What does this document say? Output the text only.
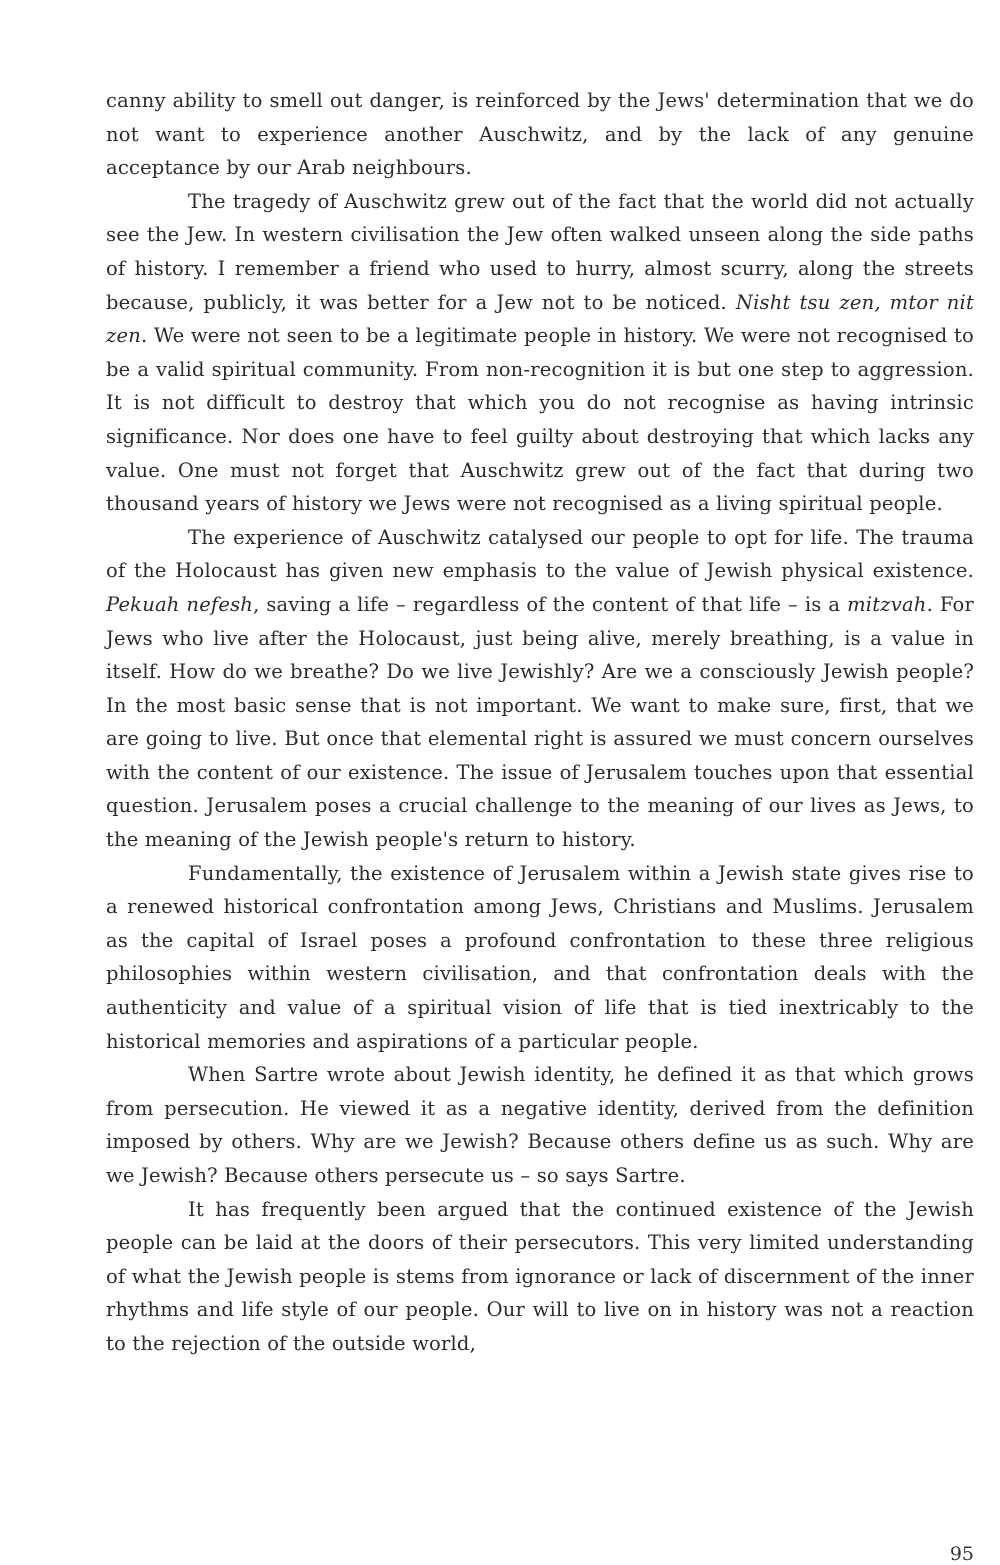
canny ability to smell out danger, is reinforced by the Jews' determination that we do not want to experience another Auschwitz, and by the lack of any genuine acceptance by our Arab neighbours.

The tragedy of Auschwitz grew out of the fact that the world did not actually see the Jew. In western civilisation the Jew often walked unseen along the side paths of history. I remember a friend who used to hurry, almost scurry, along the streets because, publicly, it was better for a Jew not to be noticed. Nisht tsu zen, mtor nit zen. We were not seen to be a legitimate people in history. We were not recognised to be a valid spiritual community. From non-recognition it is but one step to aggression. It is not difficult to destroy that which you do not recognise as having intrinsic significance. Nor does one have to feel guilty about destroying that which lacks any value. One must not forget that Auschwitz grew out of the fact that during two thousand years of history we Jews were not recognised as a living spiritual people.

The experience of Auschwitz catalysed our people to opt for life. The trauma of the Holocaust has given new emphasis to the value of Jewish physical existence. Pekuah nefesh, saving a life – regardless of the content of that life – is a mitzvah. For Jews who live after the Holocaust, just being alive, merely breathing, is a value in itself. How do we breathe? Do we live Jewishly? Are we a consciously Jewish people? In the most basic sense that is not important. We want to make sure, first, that we are going to live. But once that elemental right is assured we must concern ourselves with the content of our existence. The issue of Jerusalem touches upon that essential question. Jerusalem poses a crucial challenge to the meaning of our lives as Jews, to the meaning of the Jewish people's return to history.

Fundamentally, the existence of Jerusalem within a Jewish state gives rise to a renewed historical confrontation among Jews, Christians and Muslims. Jerusalem as the capital of Israel poses a profound confrontation to these three religious philosophies within western civilisation, and that confrontation deals with the authenticity and value of a spiritual vision of life that is tied inextricably to the historical memories and aspirations of a particular people.

When Sartre wrote about Jewish identity, he defined it as that which grows from persecution. He viewed it as a negative identity, derived from the definition imposed by others. Why are we Jewish? Because others define us as such. Why are we Jewish? Because others persecute us – so says Sartre.

It has frequently been argued that the continued existence of the Jewish people can be laid at the doors of their persecutors. This very limited understanding of what the Jewish people is stems from ignorance or lack of discernment of the inner rhythms and life style of our people. Our will to live on in history was not a reaction to the rejection of the outside world,

95
